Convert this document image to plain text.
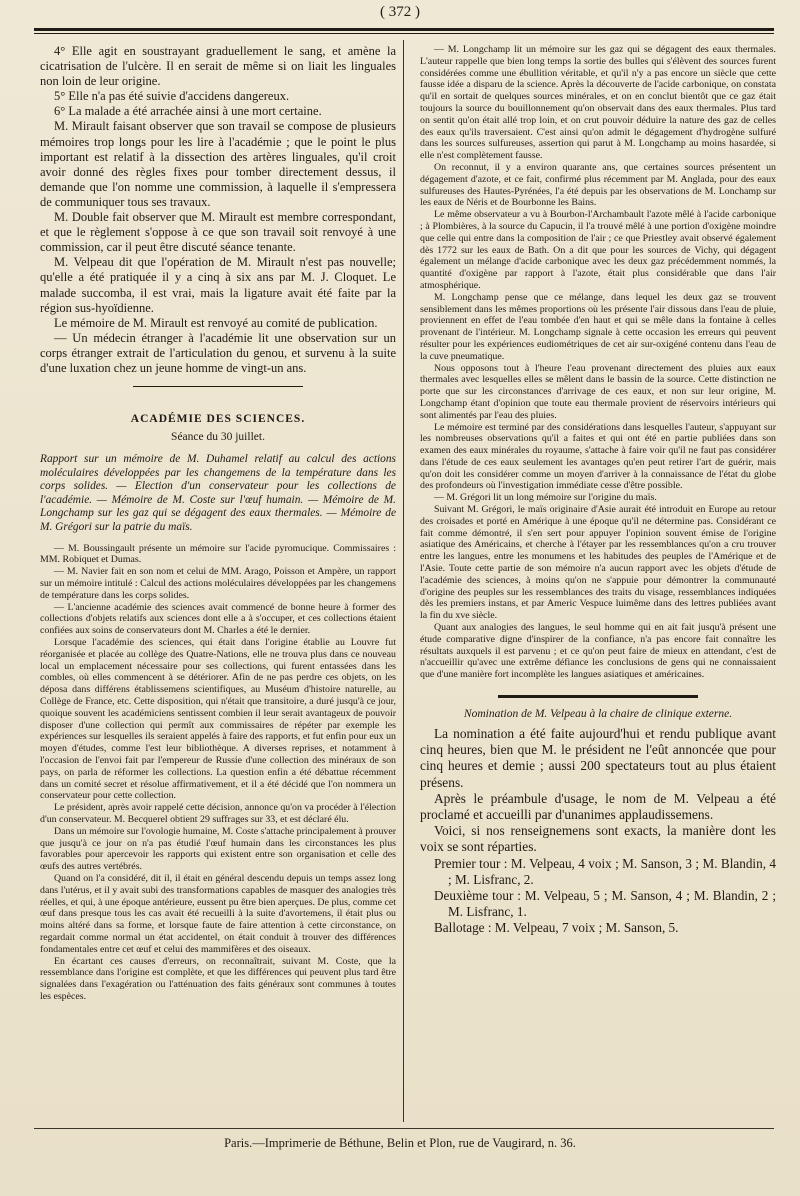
( 372 )

4° Elle agit en soustrayant graduellement le sang, et amène la cicatrisation de l'ulcère. Il en serait de même si on liait les linguales non loin de leur origine.

5° Elle n'a pas été suivie d'accidens dangereux.

6° La malade a été arrachée ainsi à une mort certaine.

M. Mirault faisant observer que son travail se compose de plusieurs mémoires trop longs pour les lire à l'académie ; que le point le plus important est relatif à la dissection des artères linguales, qu'il croit avoir donné des règles fixes pour tomber directement dessus, il demande que l'on nomme une commission, à laquelle il s'empressera de communiquer tous ses travaux.

M. Double fait observer que M. Mirault est membre correspondant, et que le règlement s'oppose à ce que son travail soit renvoyé à une commission, car il peut être discuté séance tenante.

M. Velpeau dit que l'opération de M. Mirault n'est pas nouvelle; qu'elle a été pratiquée il y a cinq à six ans par M. J. Cloquet. Le malade succomba, il est vrai, mais la ligature avait été faite par la région sus-hyoïdienne.

Le mémoire de M. Mirault est renvoyé au comité de publication.

— Un médecin étranger à l'académie lit une observation sur un corps étranger extrait de l'articulation du genou, et survenu à la suite d'une luxation chez un jeune homme de vingt-un ans.

ACADÉMIE DES SCIENCES.
Séance du 30 juillet.

Rapport sur un mémoire de M. Duhamel relatif au calcul des actions moléculaires développées par les changemens de la température dans les corps solides. — Election d'un conservateur pour les collections de l'académie. — Mémoire de M. Coste sur l'œuf humain. — Mémoire de M. Longchamp sur les gaz qui se dégagent des eaux thermales. — Mémoire de M. Grégori sur la patrie du maïs.

— M. Boussingault présente un mémoire sur l'acide pyromucique. Commissaires : MM. Robiquet et Dumas.

— M. Navier fait en son nom et celui de MM. Arago, Poisson et Ampère, un rapport sur un mémoire intitulé : Calcul des actions moléculaires développées par les changemens de température dans les corps solides.

— L'ancienne académie des sciences avait commencé de bonne heure à former des collections d'objets relatifs aux sciences dont elle a à s'occuper, et ces collections étaient confiées aux soins de conservateurs dont M. Charles a été le dernier.

Lorsque l'académie des sciences, qui était dans l'origine établie au Louvre fut réorganisée et placée au collège des Quatre-Nations, elle ne trouva plus dans ce nouveau local un emplacement nécessaire pour ses collections, qui furent entassées dans les combles, où elles commencent à se détériorer. Afin de ne pas perdre ces objets, on les déposa dans différens établissemens scientifiques, au Muséum d'histoire naturelle, au Collège de France, etc. Cette disposition, qui n'était que transitoire, a duré jusqu'à ce jour, quoique souvent les académiciens sentissent combien il leur serait avantageux de pouvoir disposer d'une collection qui permît aux commissaires de répéter par exemple les expériences sur lesquelles ils seraient appelés à faire des rapports, et fut enfin pour eux un moyen d'études, comme l'est leur bibliothèque. A diverses reprises, et notamment à l'occasion de l'envoi fait par l'empereur de Russie d'une collection des minéraux de son pays, on parla de réformer les collections. La question enfin a été débattue récemment dans un comité secret et résolue affirmativement, et il a été décidé que l'on nommera un conservateur pour cette collection.

Le président, après avoir rappelé cette décision, annonce qu'on va procéder à l'élection d'un conservateur. M. Becquerel obtient 29 suffrages sur 33, et est déclaré élu.

Dans un mémoire sur l'ovologie humaine, M. Coste s'attache principalement à prouver que jusqu'à ce jour on n'a pas étudié l'œuf humain dans les circonstances les plus favorables pour apercevoir les rapports qui existent entre son organisation et celle des œufs des autres vertébrés.

Quand on l'a considéré, dit il, il était en général descendu depuis un temps assez long dans l'utérus, et il y avait subi des transformations capables de masquer des analogies très réelles, et qui, à une époque antérieure, eussent pu être bien aperçues. De plus, comme cet œuf dans presque tous les cas avait été recueilli à la suite d'avortemens, il était plus ou moins altéré dans sa forme, et lorsque faute de faire attention à cette circonstance, on regardait comme normal un état accidentel, on était conduit à trouver des différences fondamentales entre cet œuf et celui des mammifères et des oiseaux.

En écartant ces causes d'erreurs, on reconnaîtrait, suivant M. Coste, que la ressemblance dans l'origine est complète, et que les différences qui peuvent plus tard être signalées dans l'exagération ou l'atténuation des faits généraux sont communes à toutes les espèces.

— M. Longchamp lit un mémoire sur les gaz qui se dégagent des eaux thermales. L'auteur rappelle que bien long temps la sortie des bulles qui s'élèvent des sources furent considérées comme une ébullition véritable, et qu'il n'y a pas encore un siècle que cette fausse idée a disparu de la science. Après la découverte de l'acide carbonique, on constata qu'il en sortait de quelques sources minérales, et on en conclut bientôt que ce gaz était toujours la source du bouillonnement qu'on observait dans des eaux thermales. Plus tard on sentit qu'on était allé trop loin, et on crut pouvoir déduire la nature des gaz de celles des eaux qu'ils traversaient. C'est ainsi qu'on admit le dégagement d'hydrogène sulfuré dans les sources sulfureuses, assertion qui parut à M. Longchamp au moins hasardée, si elle n'est complètement fausse.

On reconnut, il y a environ quarante ans, que certaines sources présentent un dégagement d'azote, et ce fait, confirmé plus récemment par M. Anglada, pour des eaux sulfureuses des Hautes-Pyrénées, l'a été depuis par les observations de M. Lonchamp sur les eaux de Néris et de Bourbonne les Bains.

Le même observateur a vu à Bourbon-l'Archambault l'azote mêlé à l'acide carbonique ; à Plombières, à la source du Capucin, il l'a trouvé mêlé à une portion d'oxigène moindre que celle qui entre dans la composition de l'air ; ce que Priestley avait observé également dès 1772 sur les eaux de Bath. On a dit que pour les sources de Vichy, qui dégagent également un mélange d'acide carbonique avec les deux gaz précédemment nommés, la quantité d'oxigène par rapport à l'azote, était plus considérable que dans l'air atmosphérique.

M. Longchamp pense que ce mélange, dans lequel les deux gaz se trouvent sensiblement dans les mêmes proportions où les présente l'air dissous dans l'eau de pluie, proviennent en effet de l'eau tombée d'en haut et qui se mêle dans la fontaine à celles provenant de l'intérieur. M. Longchamp signale à cette occasion les erreurs qui peuvent résulter pour les expériences eudiométriques de cet air sur-oxigéné contenu dans l'eau de la cuve pneumatique.

Nous opposons tout à l'heure l'eau provenant directement des pluies aux eaux thermales avec lesquelles elles se mêlent dans le bassin de la source. Cette distinction ne porte que sur les circonstances d'arrivage de ces eaux, et non sur leur origine, M. Longchamp étant d'opinion que toute eau thermale provient de réservoirs intérieurs qui sont alimentés par l'eau des pluies.

Le mémoire est terminé par des considérations dans lesquelles l'auteur, s'appuyant sur les nombreuses observations qu'il a faites et qui ont été en partie publiées dans son examen des eaux minérales du royaume, s'attache à faire voir qu'il ne faut pas considérer dans l'étude de ces eaux seulement les avantages qu'en peut retirer l'art de guérir, mais qu'on doit les considérer comme un moyen d'arriver à la connaissance de l'état du globe des profondeurs où l'investigation immédiate cesse d'être possible.

— M. Grégori lit un long mémoire sur l'origine du maïs.

Suivant M. Grégori, le maïs originaire d'Asie aurait été introduit en Europe au retour des croisades et porté en Amérique à une époque qu'il ne détermine pas. Considérant ce fait comme démontré, il s'en sert pour appuyer l'opinion souvent émise de l'origine asiatique des Américains, et cherche à l'étayer par les ressemblances qu'on a cru trouver entre les langues, entre les monumens et les habitudes des peuples de l'Amérique et de l'Asie. Toute cette partie de son mémoire n'a aucun rapport avec les objets d'étude de l'académie des sciences, à moins qu'on ne s'appuie pour démontrer la communauté d'origine des peuples sur les ressemblances des traits du visage, ressemblances indiquées dès les premiers instans, et par Americ Vespuce luimême dans des lettres publiées avant la fin du xve siècle.

Quant aux analogies des langues, le seul homme qui en ait fait jusqu'à présent une étude comparative digne d'inspirer de la confiance, n'a pas encore fait connaître les résultats auxquels il est parvenu ; et ce qu'on peut faire de mieux en attendant, c'est de n'accueillir qu'avec une extrême défiance les conclusions de gens qui ne connaissaient que d'une manière fort incomplète les langues asiatiques et américaines.

Nomination de M. Velpeau à la chaire de clinique externe.

La nomination a été faite aujourd'hui et rendu publique avant cinq heures, bien que M. le président ne l'eût annoncée que pour cinq heures et demie ; aussi 200 spectateurs tout au plus étaient présens.

Après le préambule d'usage, le nom de M. Velpeau a été proclamé et accueilli par d'unanimes applaudissemens.

Voici, si nos renseignemens sont exacts, la manière dont les voix se sont réparties.

Premier tour : M. Velpeau, 4 voix ; M. Sanson, 3 ; M. Blandin, 4 ; M. Lisfranc, 2.

Deuxième tour : M. Velpeau, 5 ; M. Sanson, 4 ; M. Blandin, 2 ; M. Lisfranc, 1.

Ballotage : M. Velpeau, 7 voix ; M. Sanson, 5.

Paris.—Imprimerie de Béthune, Belin et Plon, rue de Vaugirard, n. 36.
